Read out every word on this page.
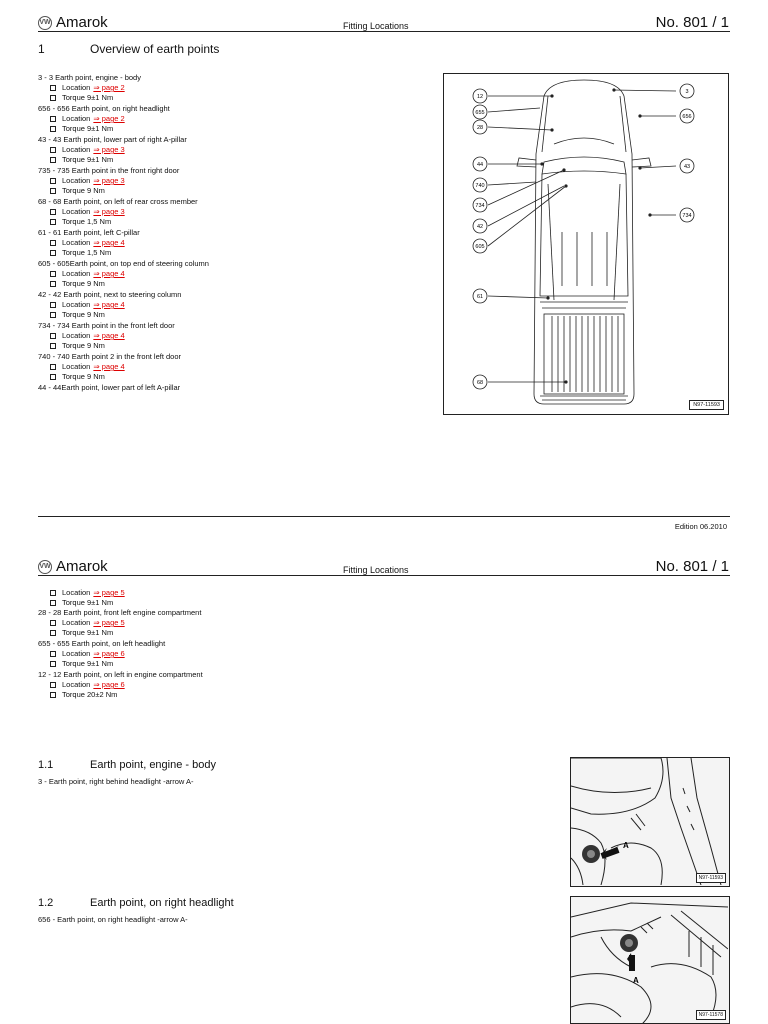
VW Amarok	Fitting Locations	No. 801 / 1
1	Overview of earth points
3 - 3 Earth point, engine - body
Location ⇒ page 2
Torque 9±1 Nm
656 - 656 Earth point, on right headlight
Location ⇒ page 2
Torque 9±1 Nm
43 - 43 Earth point, lower part of right A-pillar
Location ⇒ page 3
Torque 9±1 Nm
735 - 735 Earth point in the front right door
Location ⇒ page 3
Torque 9 Nm
68 - 68 Earth point, on left of rear cross member
Location ⇒ page 3
Torque 1,5 Nm
61 - 61 Earth point, left C-pillar
Location ⇒ page 4
Torque 1,5 Nm
605 - 605Earth point, on top end of steering column
Location ⇒ page 4
Torque 9 Nm
42 - 42 Earth point, next to steering column
Location ⇒ page 4
Torque 9 Nm
734 - 734 Earth point in the front left door
Location ⇒ page 4
Torque 9 Nm
740 - 740 Earth point 2 in the front left door
Location ⇒ page 4
Torque 9 Nm
44 - 44Earth point, lower part of left A-pillar
12
655
28
44
740
734
42
605
61
68
3
656
43
734
N97-11593
Edition 06.2010
VW Amarok	Fitting Locations	No. 801 / 1
Location ⇒ page 5
Torque 9±1 Nm
28 - 28 Earth point, front left engine compartment
Location ⇒ page 5
Torque 9±1 Nm
655 - 655 Earth point, on left headlight
Location ⇒ page 6
Torque 9±1 Nm
12 - 12 Earth point, on left in engine compartment
Location ⇒ page 6
Torque 20±2 Nm
1.1	Earth point, engine - body
3 - Earth point, right behind headlight -arrow A-
A
N97-11593
1.2	Earth point, on right headlight
656 - Earth point, on right headlight -arrow A-
A
N97-11578
